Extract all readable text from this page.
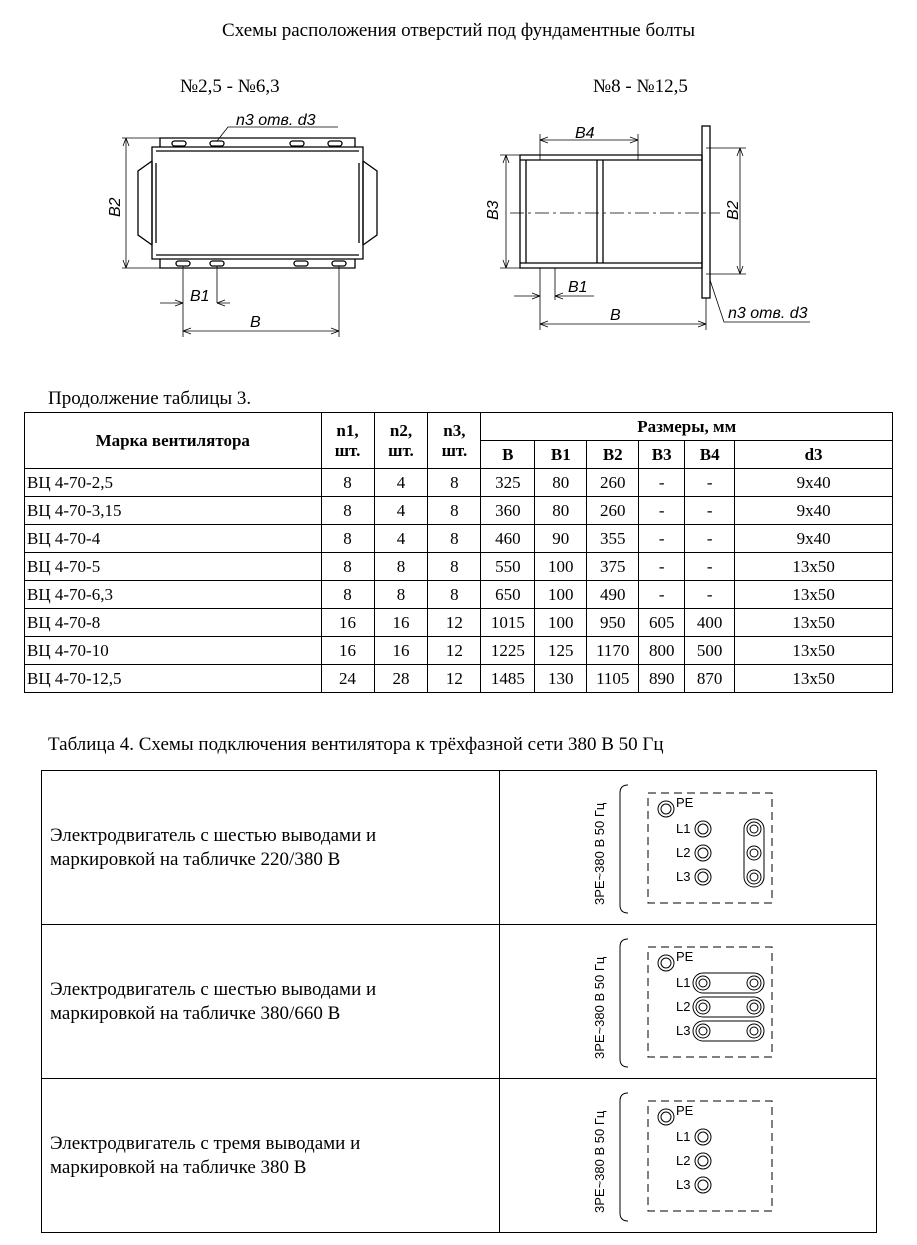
Схемы расположения отверстий под фундаментные болты
№2,5 - №6,3	№8 - №12,5
n3 отв. d3
B2
B1
B
B4
B3	B2
B1
B	n3 отв. d3
Продолжение таблицы 3.
Марка вентилятора	n1, шт.	n2, шт.	n3, шт.	Размеры, мм					
				B	B1	B2	B3	B4	d3
ВЦ 4-70-2,5	8	4	8	325	80	260	-	-	9x40
ВЦ 4-70-3,15	8	4	8	360	80	260	-	-	9x40
ВЦ 4-70-4	8	4	8	460	90	355	-	-	9x40
ВЦ 4-70-5	8	8	8	550	100	375	-	-	13x50
ВЦ 4-70-6,3	8	8	8	650	100	490	-	-	13x50
ВЦ 4-70-8	16	16	12	1015	100	950	605	400	13x50
ВЦ 4-70-10	16	16	12	1225	125	1170	800	500	13x50
ВЦ 4-70-12,5	24	28	12	1485	130	1105	890	870	13x50
Таблица 4. Схемы подключения вентилятора к трёхфазной сети 380 В 50 Гц
Электродвигатель с шестью выводами и
маркировкой на табличке 220/380 В	3PE~380 В 50 Гц
PE
L1
L2
L3

Электродвигатель с шестью выводами и
маркировкой на табличке 380/660 В	3PE~380 В 50 Гц
PE
L1
L2
L3

Электродвигатель с тремя выводами и
маркировкой на табличке 380 В	3PE~380 В 50 Гц
PE
L1
L2
L3
